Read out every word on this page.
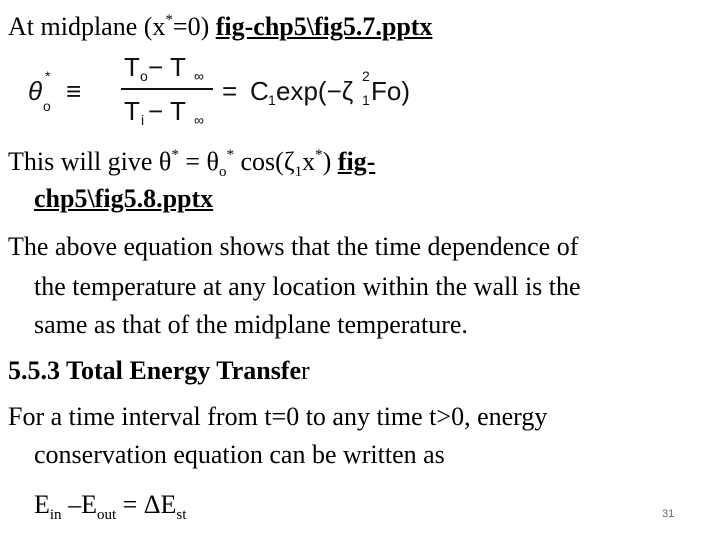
At midplane (x*=0) fig-chp5\fig5.7.pptx
θ *
o ≡
T o − T ∞
T i − T ∞
= C 1 exp(−ζ 2
1 Fo)
This will give $\theta^* = \theta_o^*$ $\cos(\zeta_1x^*)$ fig-
chp5\fig5.8.pptx
The above equation shows that the time dependence of
the temperature at any location within the wall is the
same as that of the midplane temperature.
5.5.3 Total Energy Transfer
For a time interval from t=0 to any time t>0, energy
conservation equation can be written as
$E_{in}$ $-E_{out} = \Delta E_{st}$	31
